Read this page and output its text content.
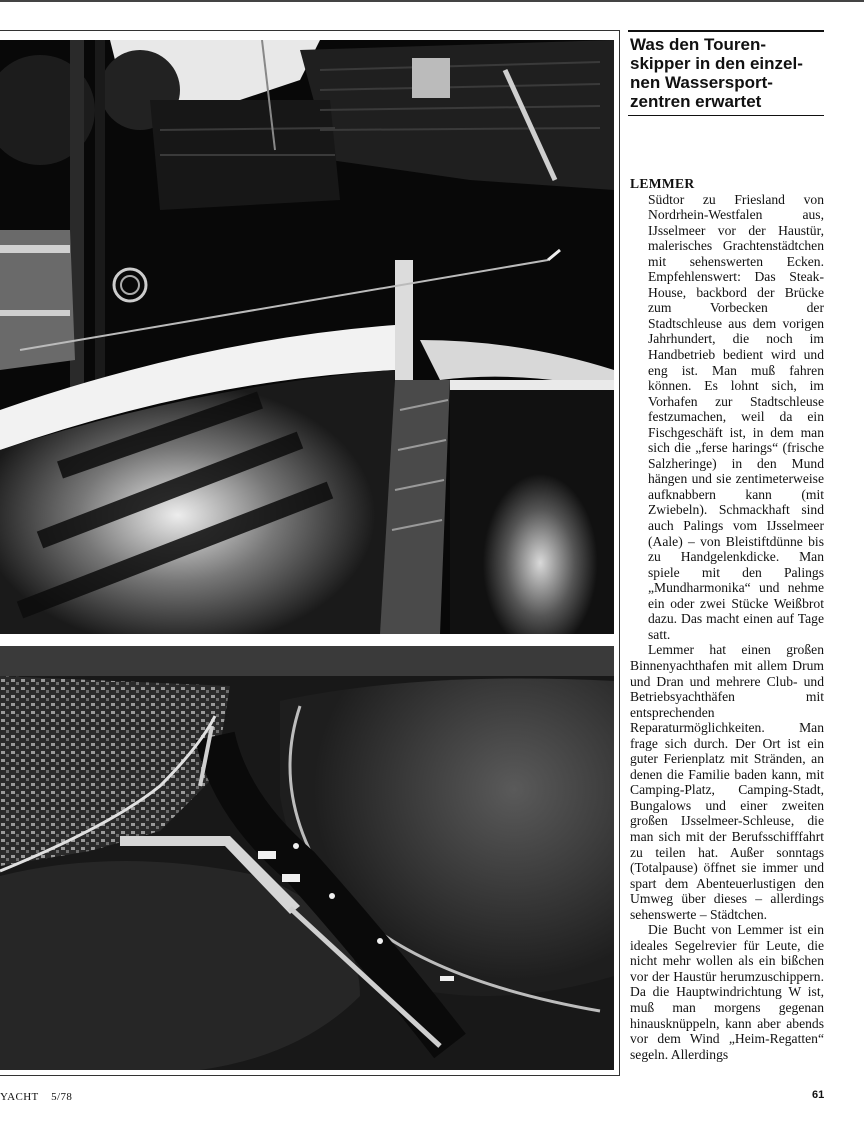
Was den Touren-skipper in den einzel-nen Wassersport-zentren erwartet
LEMMER

Südtor zu Friesland von Nordrhein-Westfalen aus, IJsselmeer vor der Haustür, malerisches Grachtenstädtchen mit sehenswerten Ecken. Empfehlenswert: Das Steak-House, backbord der Brücke zum Vorbecken der Stadtschleuse aus dem vorigen Jahrhundert, die noch im Handbetrieb bedient wird und eng ist. Man muß fahren können. Es lohnt sich, im Vorhafen zur Stadtschleuse festzumachen, weil da ein Fischgeschäft ist, in dem man sich die „ferse harings“ (frische Salzheringe) in den Mund hängen und sie zentimeterweise aufknabbern kann (mit Zwiebeln). Schmackhaft sind auch Palings vom IJsselmeer (Aale) – von Bleistiftdünne bis zu Handgelenkdicke. Man spiele mit den Palings „Mundharmonika“ und nehme ein oder zwei Stücke Weißbrot dazu. Das macht einen auf Tage satt.

Lemmer hat einen großen Binnenyachthafen mit allem Drum und Dran und mehrere Club- und Betriebsyachthäfen mit entsprechenden Reparaturmöglichkeiten. Man frage sich durch. Der Ort ist ein guter Ferienplatz mit Stränden, an denen die Familie baden kann, mit Camping-Platz, Camping-Stadt, Bungalows und einer zweiten großen IJsselmeer-Schleuse, die man sich mit der Berufsschifffahrt zu teilen hat. Außer sonntags (Totalpause) öffnet sie immer und spart dem Abenteuerlustigen den Umweg über dieses – allerdings sehenswerte – Städtchen.

Die Bucht von Lemmer ist ein ideales Segelrevier für Leute, die nicht mehr wollen als ein bißchen vor der Haustür herumzuschippern. Da die Hauptwindrichtung W ist, muß man morgens gegenan hinausknüppeln, kann aber abends vor dem Wind „Heim-Regatten“ segeln. Allerdings

YACHT 5/78	61
